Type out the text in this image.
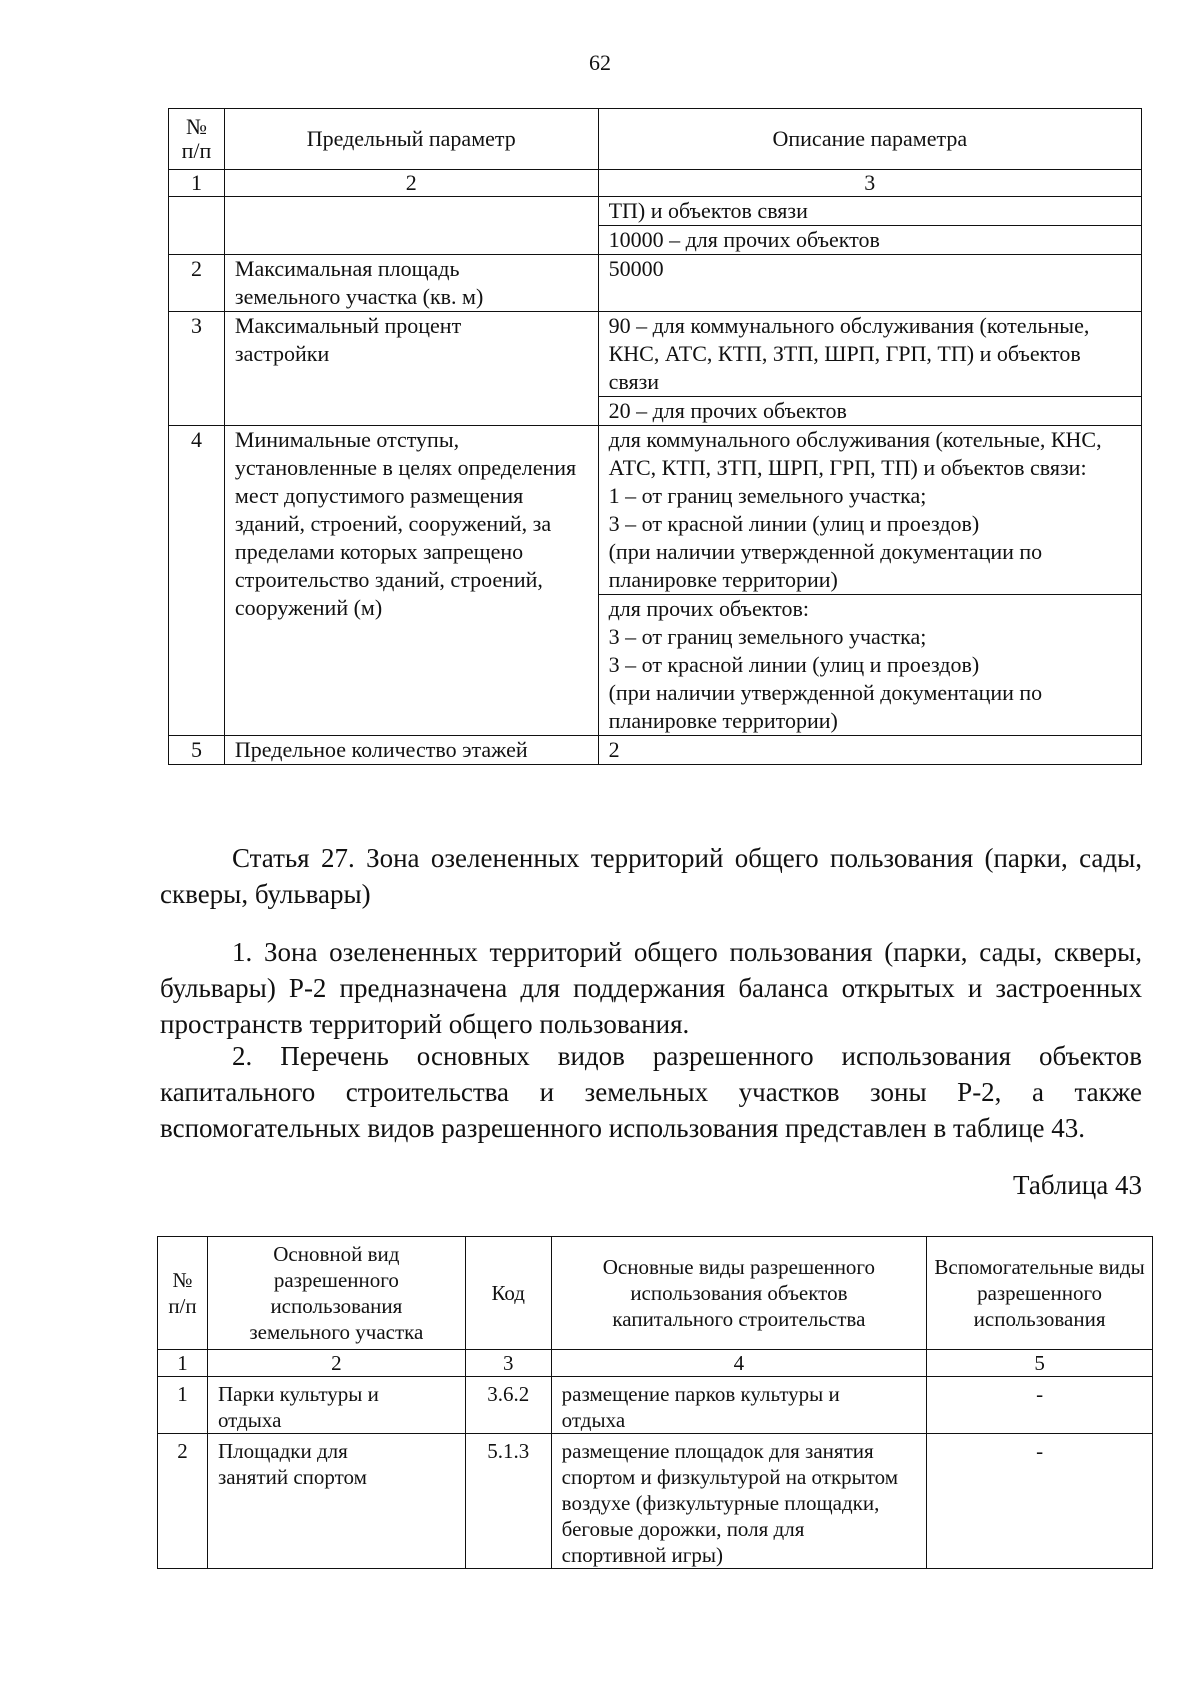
62
№
п/п	Предельный параметр	Описание параметра
1	2	3
		ТП) и объектов связи
		10000 – для прочих объектов
2	Максимальная площадь земельного участка (кв. м)	50000
3	Максимальный процент застройки	90 – для коммунального обслуживания (котельные, КНС, АТС, КТП, ЗТП, ШРП, ГРП, ТП) и объектов связи
		20 – для прочих объектов
4	Минимальные отступы, установленные в целях определения мест допустимого размещения зданий, строений, сооружений, за пределами которых запрещено строительство зданий, строений, сооружений (м)	для коммунального обслуживания (котельные, КНС, АТС, КТП, ЗТП, ШРП, ГРП, ТП) и объектов связи:
1 – от границ земельного участка;
3 – от красной линии (улиц и проездов)
(при наличии утвержденной документации по планировке территории)

		для прочих объектов:
3 – от границ земельного участка;
3 – от красной линии (улиц и проездов)
(при наличии утвержденной документации по планировке территории)

5	Предельное количество этажей	2
Статья 27. Зона озелененных территорий общего пользования (парки, сады, скверы, бульвары)
1. Зона озелененных территорий общего пользования (парки, сады, скверы, бульвары) Р-2 предназначена для поддержания баланса открытых и застроенных пространств территорий общего пользования.
2. Перечень основных видов разрешенного использования объектов капитального строительства и земельных участков зоны Р-2, а также вспомогательных видов разрешенного использования представлен в таблице 43.
Таблица 43
№
п/п	Основной вид разрешенного использования земельного участка	Код	Основные виды разрешенного использования объектов капитального строительства	Вспомогательные виды разрешенного использования
1	2	3	4	5
1	Парки культуры и отдыха	3.6.2	размещение парков культуры и отдыха	-
2	Площадки для занятий спортом	5.1.3	размещение площадок для занятия спортом и физкультурой на открытом воздухе (физкультурные площадки, беговые дорожки, поля для спортивной игры)	-
